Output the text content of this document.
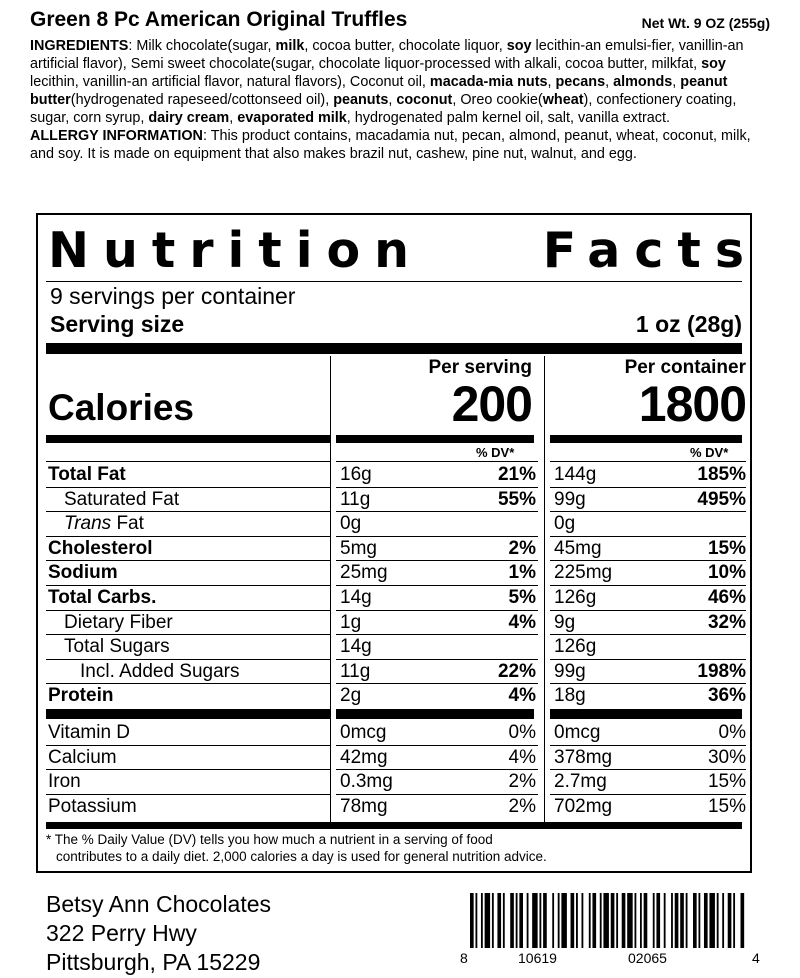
Green 8 Pc American Original Truffles	Net Wt. 9 OZ (255g)
INGREDIENTS: Milk chocolate(sugar, milk, cocoa butter, chocolate liquor, soy lecithin-an emulsi-fier, vanillin-an artificial flavor), Semi sweet chocolate(sugar, chocolate liquor-processed with alkali, cocoa butter, milkfat, soy lecithin, vanillin-an artificial flavor, natural flavors), Coconut oil, macada-mia nuts, pecans, almonds, peanut butter(hydrogenated rapeseed/cottonseed oil), peanuts, coconut, Oreo cookie(wheat), confectionery coating, sugar, corn syrup, dairy cream, evaporated milk, hydrogenated palm kernel oil, salt, vanilla extract.
ALLERGY INFORMATION: This product contains, macadamia nut, pecan, almond, peanut, wheat, coconut, milk, and soy. It is made on equipment that also makes brazil nut, cashew, pine nut, walnut, and egg.
Nutrition Facts
9 servings per container
Serving size	1 oz (28g)
Per serving	Per container
Calories	200	1800
% DV*	% DV*
Total Fat	16g	21% 144g	185%
Saturated Fat	11g	55% 99g	495%
Trans Fat	0g	0g
Cholesterol	5mg	2% 45mg	15%
Sodium	25mg	1% 225mg	10%
Total Carbs.	14g	5% 126g	46%
Dietary Fiber	1g	4% 9g	32%
Total Sugars	14g	126g
Incl. Added Sugars	11g	22% 99g	198%
Protein	2g	4% 18g	36%
Vitamin D	0mcg	0% 0mcg	0%
Calcium	42mg	4% 378mg	30%
Iron	0.3mg	2% 2.7mg	15%
Potassium	78mg	2% 702mg	15%
* The % Daily Value (DV) tells you how much a nutrient in a serving of food
contributes to a daily diet. 2,000 calories a day is used for general nutrition advice.
Betsy Ann Chocolates
322 Perry Hwy
Pittsburgh, PA 15229	8	10619	02065	4
